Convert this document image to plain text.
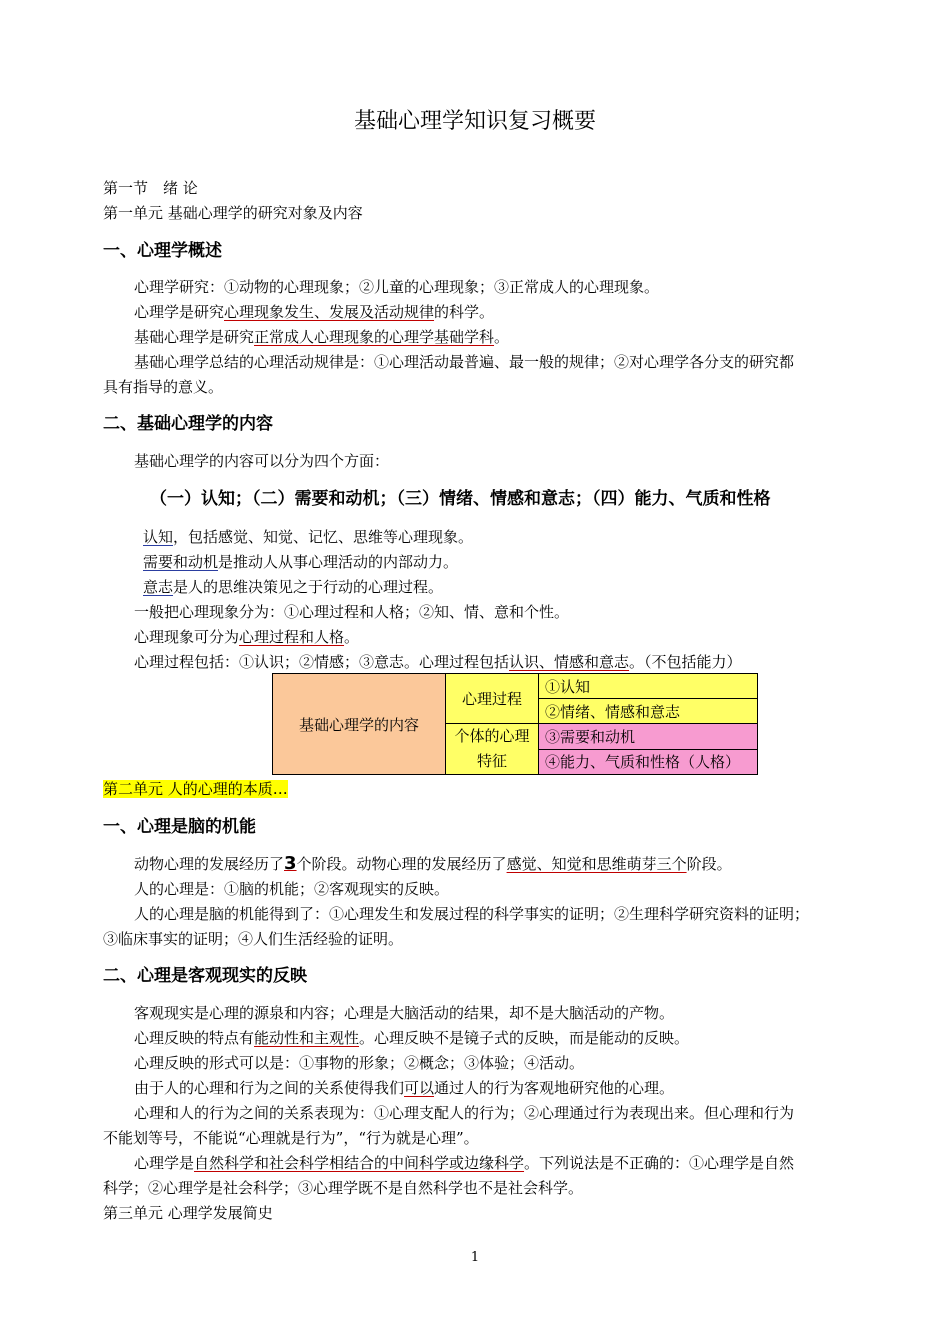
基础心理学知识复习概要
第一节　绪 论
第一单元 基础心理学的研究对象及内容
一、心理学概述
心理学研究：①动物的心理现象；②儿童的心理现象；③正常成人的心理现象。
心理学是研究心理现象发生、发展及活动规律的科学。
基础心理学是研究正常成人心理现象的心理学基础学科。
基础心理学总结的心理活动规律是：①心理活动最普遍、最一般的规律；②对心理学各分支的研究都
具有指导的意义。
二、基础心理学的内容
基础心理学的内容可以分为四个方面：
（一）认知；（二）需要和动机；（三）情绪、情感和意志；（四）能力、气质和性格
认知，包括感觉、知觉、记忆、思维等心理现象。
需要和动机是推动人从事心理活动的内部动力。
意志是人的思维决策见之于行动的心理过程。
一般把心理现象分为：①心理过程和人格；②知、情、意和个性。
心理现象可分为心理过程和人格。
心理过程包括：①认识；②情感；③意志。心理过程包括认识、情感和意志。（不包括能力）
基础心理学的内容	心理过程	①认知
		②情绪、情感和意志
	个体的心理特征	③需要和动机
		④能力、气质和性格（人格）
第二单元 人的心理的本质…
一、心理是脑的机能
动物心理的发展经历了3个阶段。动物心理的发展经历了感觉、知觉和思维萌芽三个阶段。
人的心理是：①脑的机能；②客观现实的反映。
人的心理是脑的机能得到了：①心理发生和发展过程的科学事实的证明；②生理科学研究资料的证明；
③临床事实的证明；④人们生活经验的证明。
二、心理是客观现实的反映
客观现实是心理的源泉和内容；心理是大脑活动的结果，却不是大脑活动的产物。
心理反映的特点有能动性和主观性。心理反映不是镜子式的反映，而是能动的反映。
心理反映的形式可以是：①事物的形象；②概念；③体验；④活动。
由于人的心理和行为之间的关系使得我们可以通过人的行为客观地研究他的心理。
心理和人的行为之间的关系表现为：①心理支配人的行为；②心理通过行为表现出来。但心理和行为
不能划等号，不能说“心理就是行为”，“行为就是心理”。
心理学是自然科学和社会科学相结合的中间科学或边缘科学。下列说法是不正确的：①心理学是自然
科学；②心理学是社会科学；③心理学既不是自然科学也不是社会科学。
第三单元 心理学发展简史
1
